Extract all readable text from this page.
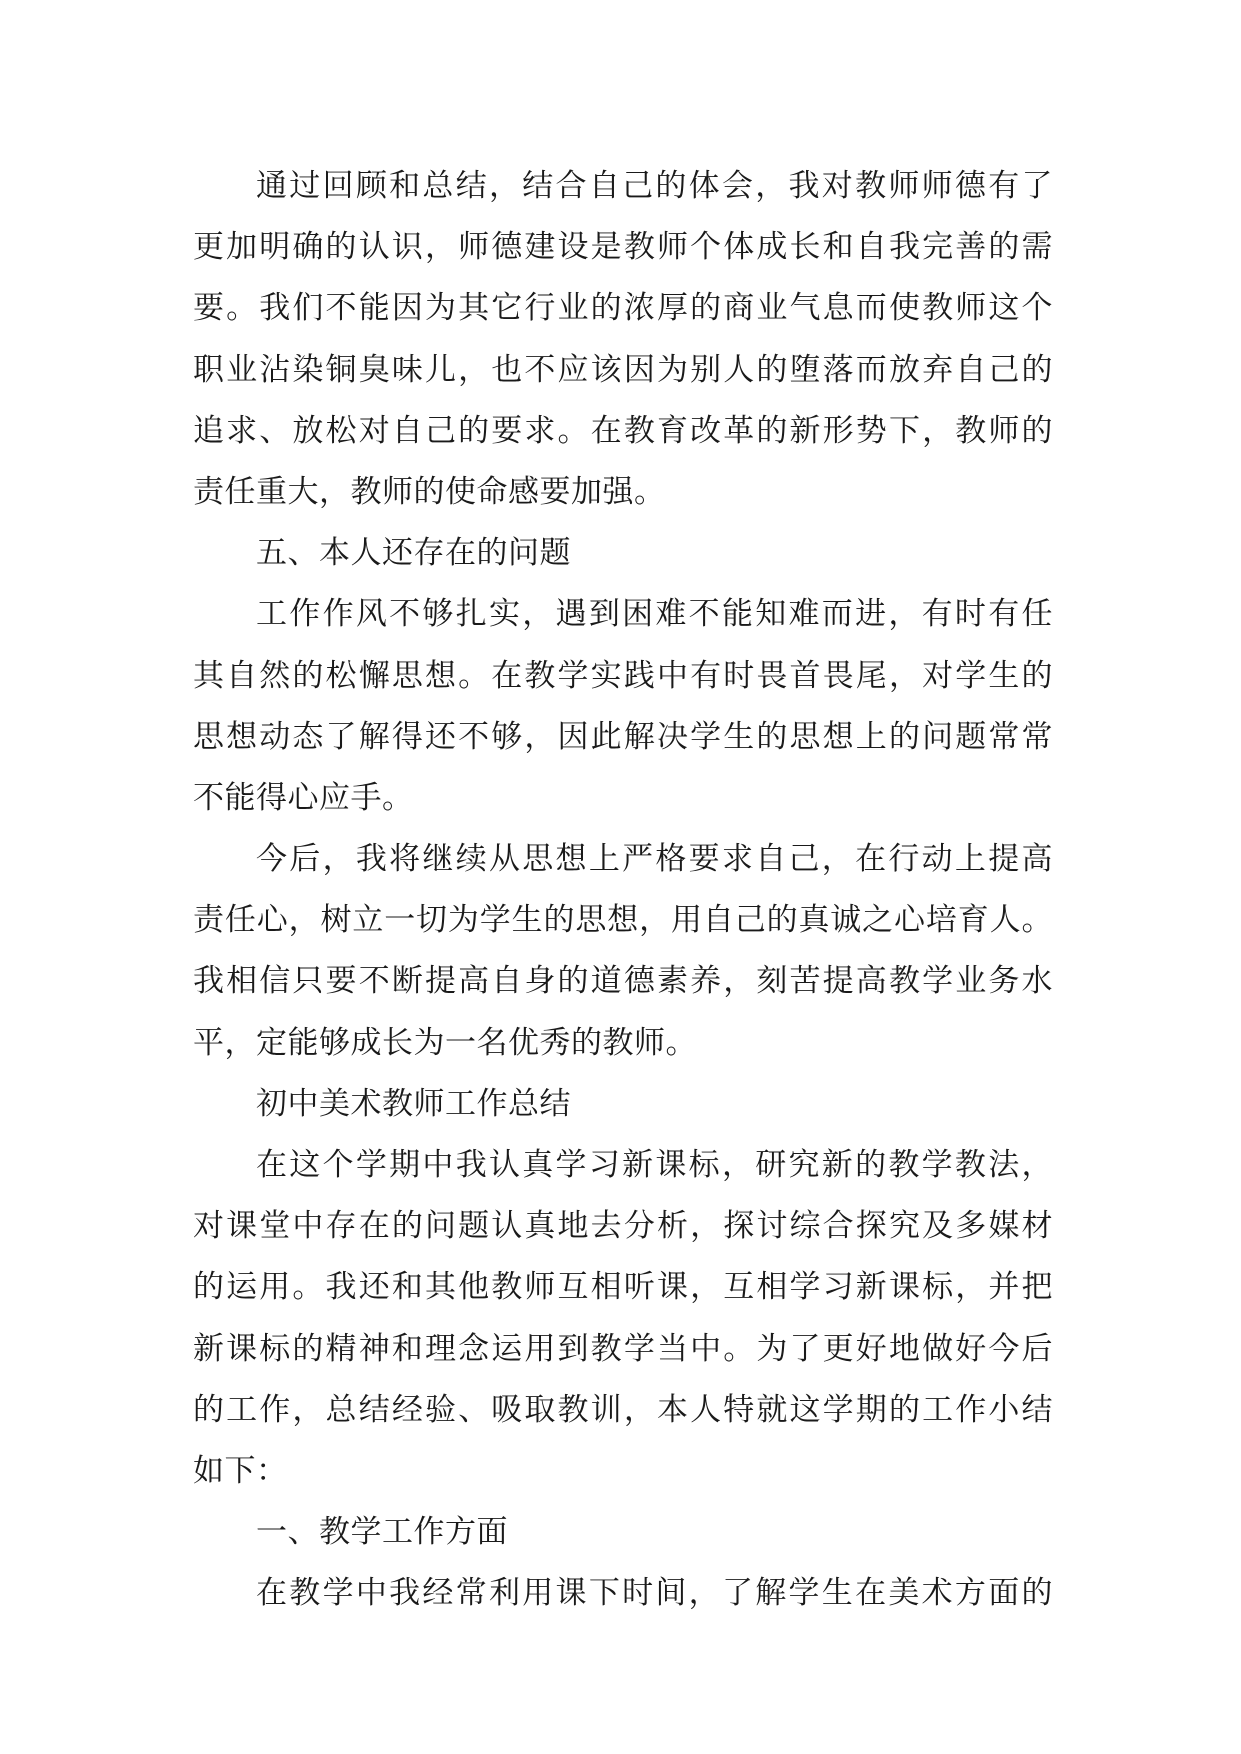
通过回顾和总结，结合自己的体会，我对教师师德有了
更加明确的认识，师德建设是教师个体成长和自我完善的需
要。我们不能因为其它行业的浓厚的商业气息而使教师这个
职业沾染铜臭味儿，也不应该因为别人的堕落而放弃自己的
追求、放松对自己的要求。在教育改革的新形势下，教师的
责任重大，教师的使命感要加强。
五、本人还存在的问题
工作作风不够扎实，遇到困难不能知难而进，有时有任
其自然的松懈思想。在教学实践中有时畏首畏尾，对学生的
思想动态了解得还不够，因此解决学生的思想上的问题常常
不能得心应手。
今后，我将继续从思想上严格要求自己，在行动上提高
责任心，树立一切为学生的思想，用自己的真诚之心培育人。
我相信只要不断提高自身的道德素养，刻苦提高教学业务水
平，定能够成长为一名优秀的教师。
初中美术教师工作总结
在这个学期中我认真学习新课标，研究新的教学教法，
对课堂中存在的问题认真地去分析，探讨综合探究及多媒材
的运用。我还和其他教师互相听课，互相学习新课标，并把
新课标的精神和理念运用到教学当中。为了更好地做好今后
的工作，总结经验、吸取教训，本人特就这学期的工作小结
如下：
一、教学工作方面
在教学中我经常利用课下时间，了解学生在美术方面的
